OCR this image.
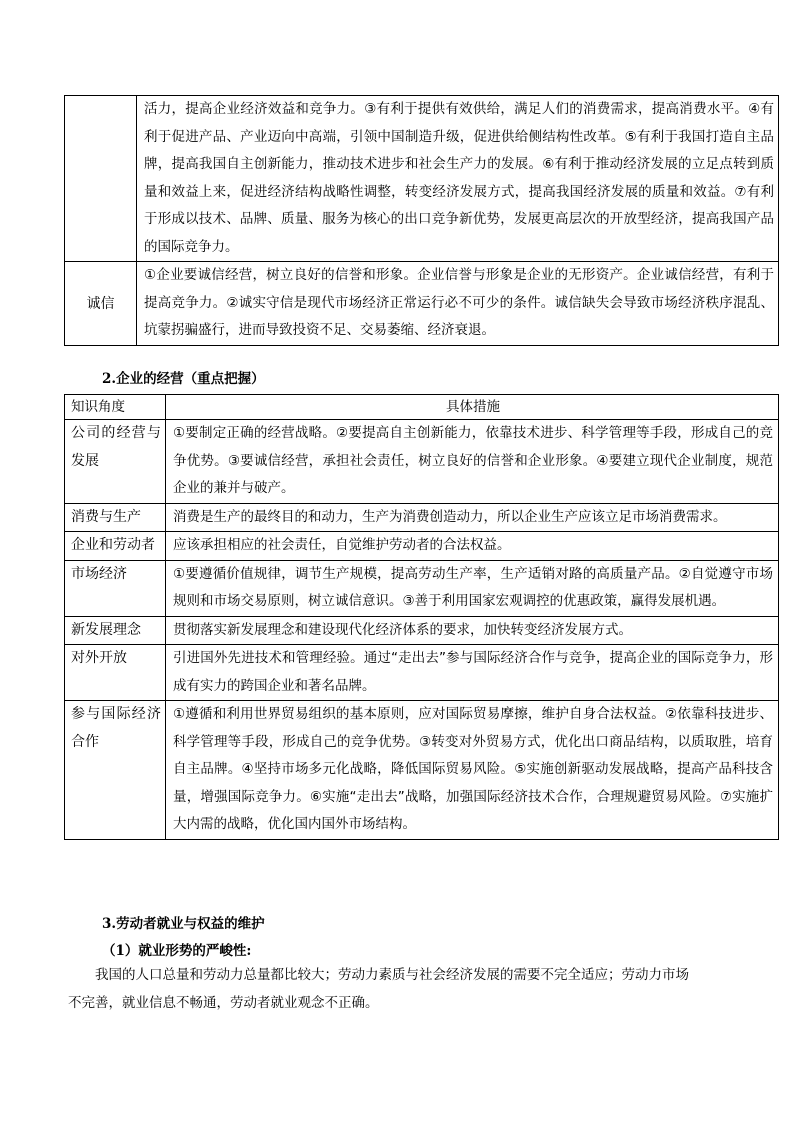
	活力，提高企业经济效益和竞争力。③有利于提供有效供给，满足人们的消费需求，提高消费水平。④有利于促进产品、产业迈向中高端，引领中国制造升级，促进供给侧结构性改革。⑤有利于我国打造自主品牌，提高我国自主创新能力，推动技术进步和社会生产力的发展。⑥有利于推动经济发展的立足点转到质量和效益上来，促进经济结构战略性调整，转变经济发展方式，提高我国经济发展的质量和效益。⑦有利于形成以技术、品牌、质量、服务为核心的出口竞争新优势，发展更高层次的开放型经济，提高我国产品的国际竞争力。
诚信	①企业要诚信经营，树立良好的信誉和形象。企业信誉与形象是企业的无形资产。企业诚信经营，有利于提高竞争力。②诚实守信是现代市场经济正常运行必不可少的条件。诚信缺失会导致市场经济秩序混乱、坑蒙拐骗盛行，进而导致投资不足、交易萎缩、经济衰退。
2.企业的经营（重点把握）
知识角度	具体措施
公司的经营与发展	①要制定正确的经营战略。②要提高自主创新能力，依靠技术进步、科学管理等手段，形成自己的竞争优势。③要诚信经营，承担社会责任，树立良好的信誉和企业形象。④要建立现代企业制度，规范企业的兼并与破产。
消费与生产	消费是生产的最终目的和动力，生产为消费创造动力，所以企业生产应该立足市场消费需求。
企业和劳动者	应该承担相应的社会责任，自觉维护劳动者的合法权益。
市场经济	①要遵循价值规律，调节生产规模，提高劳动生产率，生产适销对路的高质量产品。②自觉遵守市场规则和市场交易原则，树立诚信意识。③善于利用国家宏观调控的优惠政策，赢得发展机遇。
新发展理念	贯彻落实新发展理念和建设现代化经济体系的要求，加快转变经济发展方式。
对外开放	引进国外先进技术和管理经验。通过“走出去”参与国际经济合作与竞争，提高企业的国际竞争力，形成有实力的跨国企业和著名品牌。
参与国际经济合作	①遵循和利用世界贸易组织的基本原则，应对国际贸易摩擦，维护自身合法权益。②依靠科技进步、科学管理等手段，形成自己的竞争优势。③转变对外贸易方式，优化出口商品结构，以质取胜，培育自主品牌。④坚持市场多元化战略，降低国际贸易风险。⑤实施创新驱动发展战略，提高产品科技含量，增强国际竞争力。⑥实施“走出去”战略，加强国际经济技术合作，合理规避贸易风险。⑦实施扩大内需的战略，优化国内国外市场结构。
3.劳动者就业与权益的维护
（1）就业形势的严峻性:
我国的人口总量和劳动力总量都比较大；劳动力素质与社会经济发展的需要不完全适应；劳动力市场
不完善，就业信息不畅通，劳动者就业观念不正确。
